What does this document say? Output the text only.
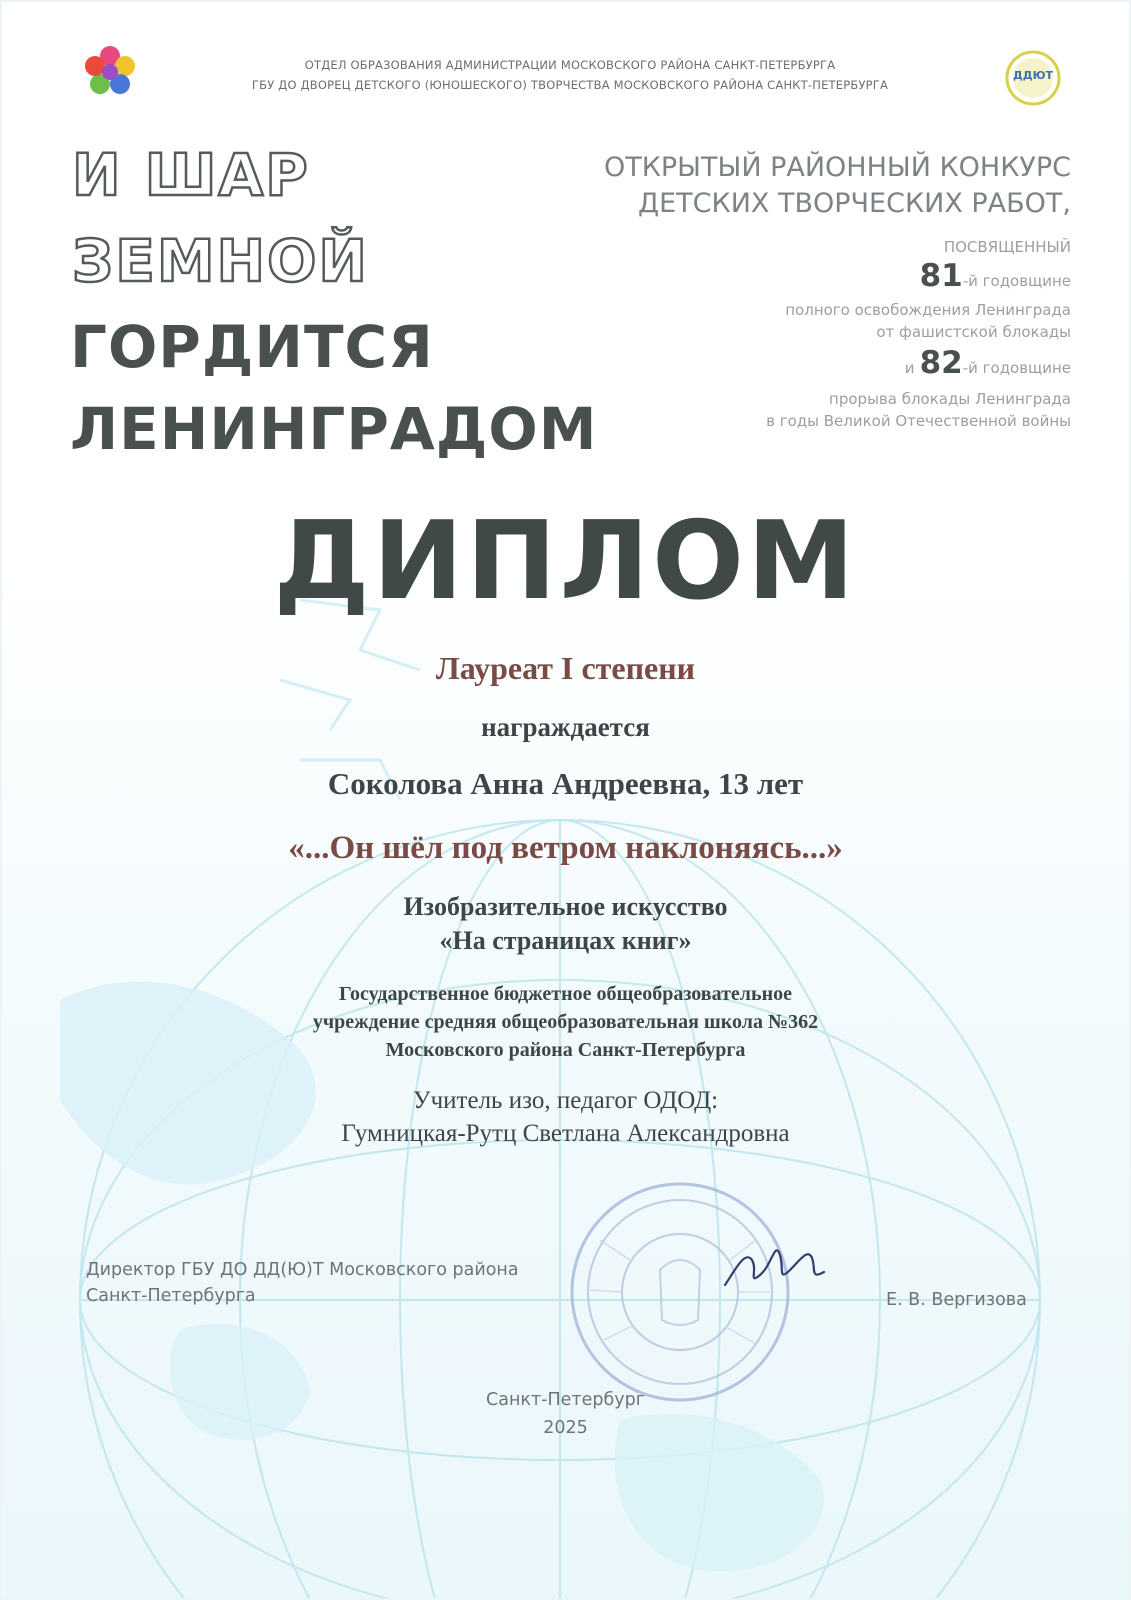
ОТДЕЛ ОБРАЗОВАНИЯ АДМИНИСТРАЦИИ МОСКОВСКОГО РАЙОНА САНКТ-ПЕТЕРБУРГА
ГБУ ДО ДВОРЕЦ ДЕТСКОГО (ЮНОШЕСКОГО) ТВОРЧЕСТВА МОСКОВСКОГО РАЙОНА САНКТ-ПЕТЕРБУРГА
ДДЮТ
И ШАР
ЗЕМНОЙ
ГОРДИТСЯ
ЛЕНИНГРАДОМ
ОТКРЫТЫЙ РАЙОННЫЙ КОНКУРС
ДЕТСКИХ ТВОРЧЕСКИХ РАБОТ,
ПОСВЯЩЕННЫЙ
81-й годовщине
полного освобождения Ленинграда
от фашистской блокады
и 82-й годовщине
прорыва блокады Ленинграда
в годы Великой Отечественной войны
ДИПЛОМ
Лауреат I степени
награждается
Соколова Анна Андреевна, 13 лет
«...Он шёл под ветром наклоняясь...»
Изобразительное искусство
«На страницах книг»
Государственное бюджетное общеобразовательное
учреждение средняя общеобразовательная школа №362
Московского района Санкт-Петербурга
Учитель изо, педагог ОДОД:
Гумницкая-Рутц Светлана Александровна
Директор ГБУ ДО ДД(Ю)Т Московского района
Санкт-Петербурга	Е. В. Вергизова
Санкт-Петербург
2025
